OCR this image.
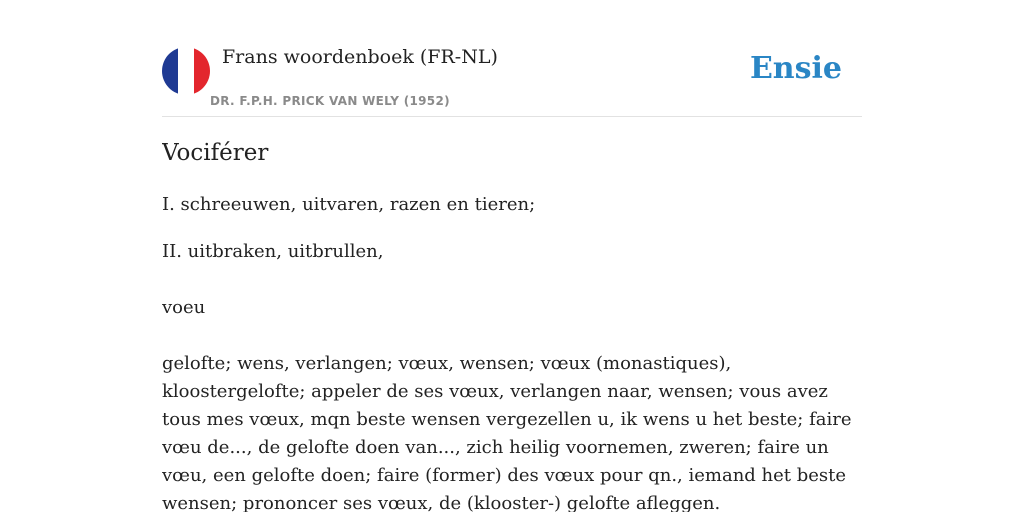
Frans woordenboek (FR-NL)
DR. F.P.H. PRICK VAN WELY (1952)
Ensie
Vociférer
I. schreeuwen, uitvaren, razen en tieren;
II. uitbraken, uitbrullen,
voeu
gelofte; wens, verlangen; vœux, wensen; vœux (monastiques), kloostergelofte; appeler de ses vœux, verlangen naar, wensen; vous avez tous mes vœux, mqn beste wensen vergezellen u, ik wens u het beste; faire vœu de..., de gelofte doen van..., zich heilig voornemen, zweren; faire un vœu, een gelofte doen; faire (former) des vœux pour qn., iemand het beste wensen; prononcer ses vœux, de (klooster-) gelofte afleggen.
